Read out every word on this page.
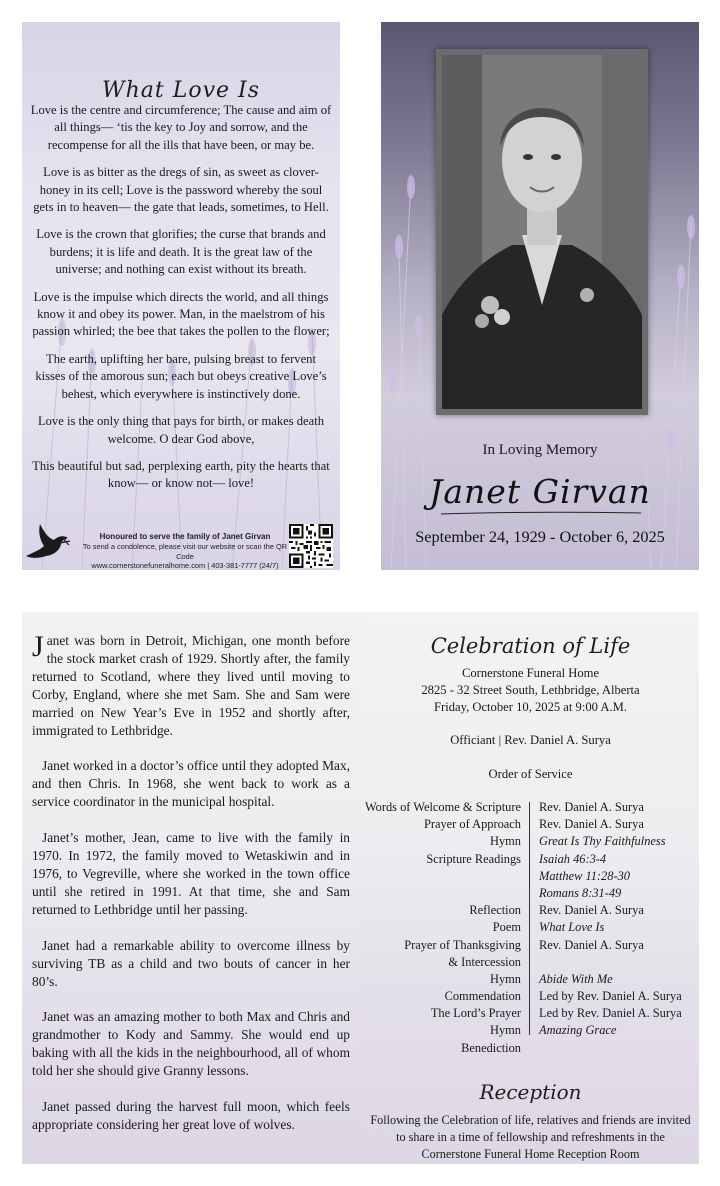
What Love Is

Love is the centre and circumference; The cause and aim of all things— ‘tis the key to Joy and sorrow, and the recompense for all the ills that have been, or may be.

Love is as bitter as the dregs of sin, as sweet as clover-honey in its cell; Love is the password whereby the soul gets in to heaven— the gate that leads, sometimes, to Hell.

Love is the crown that glorifies; the curse that brands and burdens; it is life and death. It is the great law of the universe; and nothing can exist without its breath.

Love is the impulse which directs the world, and all things know it and obey its power. Man, in the maelstrom of his passion whirled; the bee that takes the pollen to the flower;

The earth, uplifting her bare, pulsing breast to fervent kisses of the amorous sun; each but obeys creative Love’s behest, which everywhere is instinctively done.

Love is the only thing that pays for birth, or makes death welcome. O dear God above,

This beautiful but sad, perplexing earth, pity the hearts that know— or know not— love!

Honoured to serve the family of Janet Girvan
To send a condolence, please visit our website or scan the QR Code
www.cornerstonefuneralhome.com | 403-381-7777 (24/7)
In Loving Memory
Janet Girvan
September 24, 1929 - October 6, 2025

Janet was born in Detroit, Michigan, one month before the stock market crash of 1929. Shortly after, the family returned to Scotland, where they lived until moving to Corby, England, where she met Sam. She and Sam were married on New Year’s Eve in 1952 and shortly after, immigrated to Lethbridge.

Janet worked in a doctor’s office until they adopted Max, and then Chris. In 1968, she went back to work as a service coordinator in the municipal hospital.

Janet’s mother, Jean, came to live with the family in 1970. In 1972, the family moved to Wetaskiwin and in 1976, to Vegreville, where she worked in the town office until she retired in 1991. At that time, she and Sam returned to Lethbridge until her passing.

Janet had a remarkable ability to overcome illness by surviving TB as a child and two bouts of cancer in her 80’s.

Janet was an amazing mother to both Max and Chris and grandmother to Kody and Sammy. She would end up baking with all the kids in the neighbourhood, all of whom told her she should give Granny lessons.

Janet passed during the harvest full moon, which feels appropriate considering her great love of wolves.

Celebration of Life
Cornerstone Funeral Home
2825 - 32 Street South, Lethbridge, Alberta
Friday, October 10, 2025 at 9:00 A.M.
Officiant | Rev. Daniel A. Surya
Order of Service
Words of Welcome & Scripture Rev. Daniel A. Surya
Prayer of Approach Rev. Daniel A. Surya
Hymn Great Is Thy Faithfulness
Scripture Readings Isaiah 46:3-4
Matthew 11:28-30
Romans 8:31-49
Reflection Rev. Daniel A. Surya
Poem What Love Is
Prayer of Thanksgiving Rev. Daniel A. Surya
& Intercession
Hymn Abide With Me
Commendation Led by Rev. Daniel A. Surya
The Lord’s Prayer Led by Rev. Daniel A. Surya
Hymn Amazing Grace
Benediction
Reception
Following the Celebration of life, relatives and friends are invited to share in a time of fellowship and refreshments in the Cornerstone Funeral Home Reception Room
